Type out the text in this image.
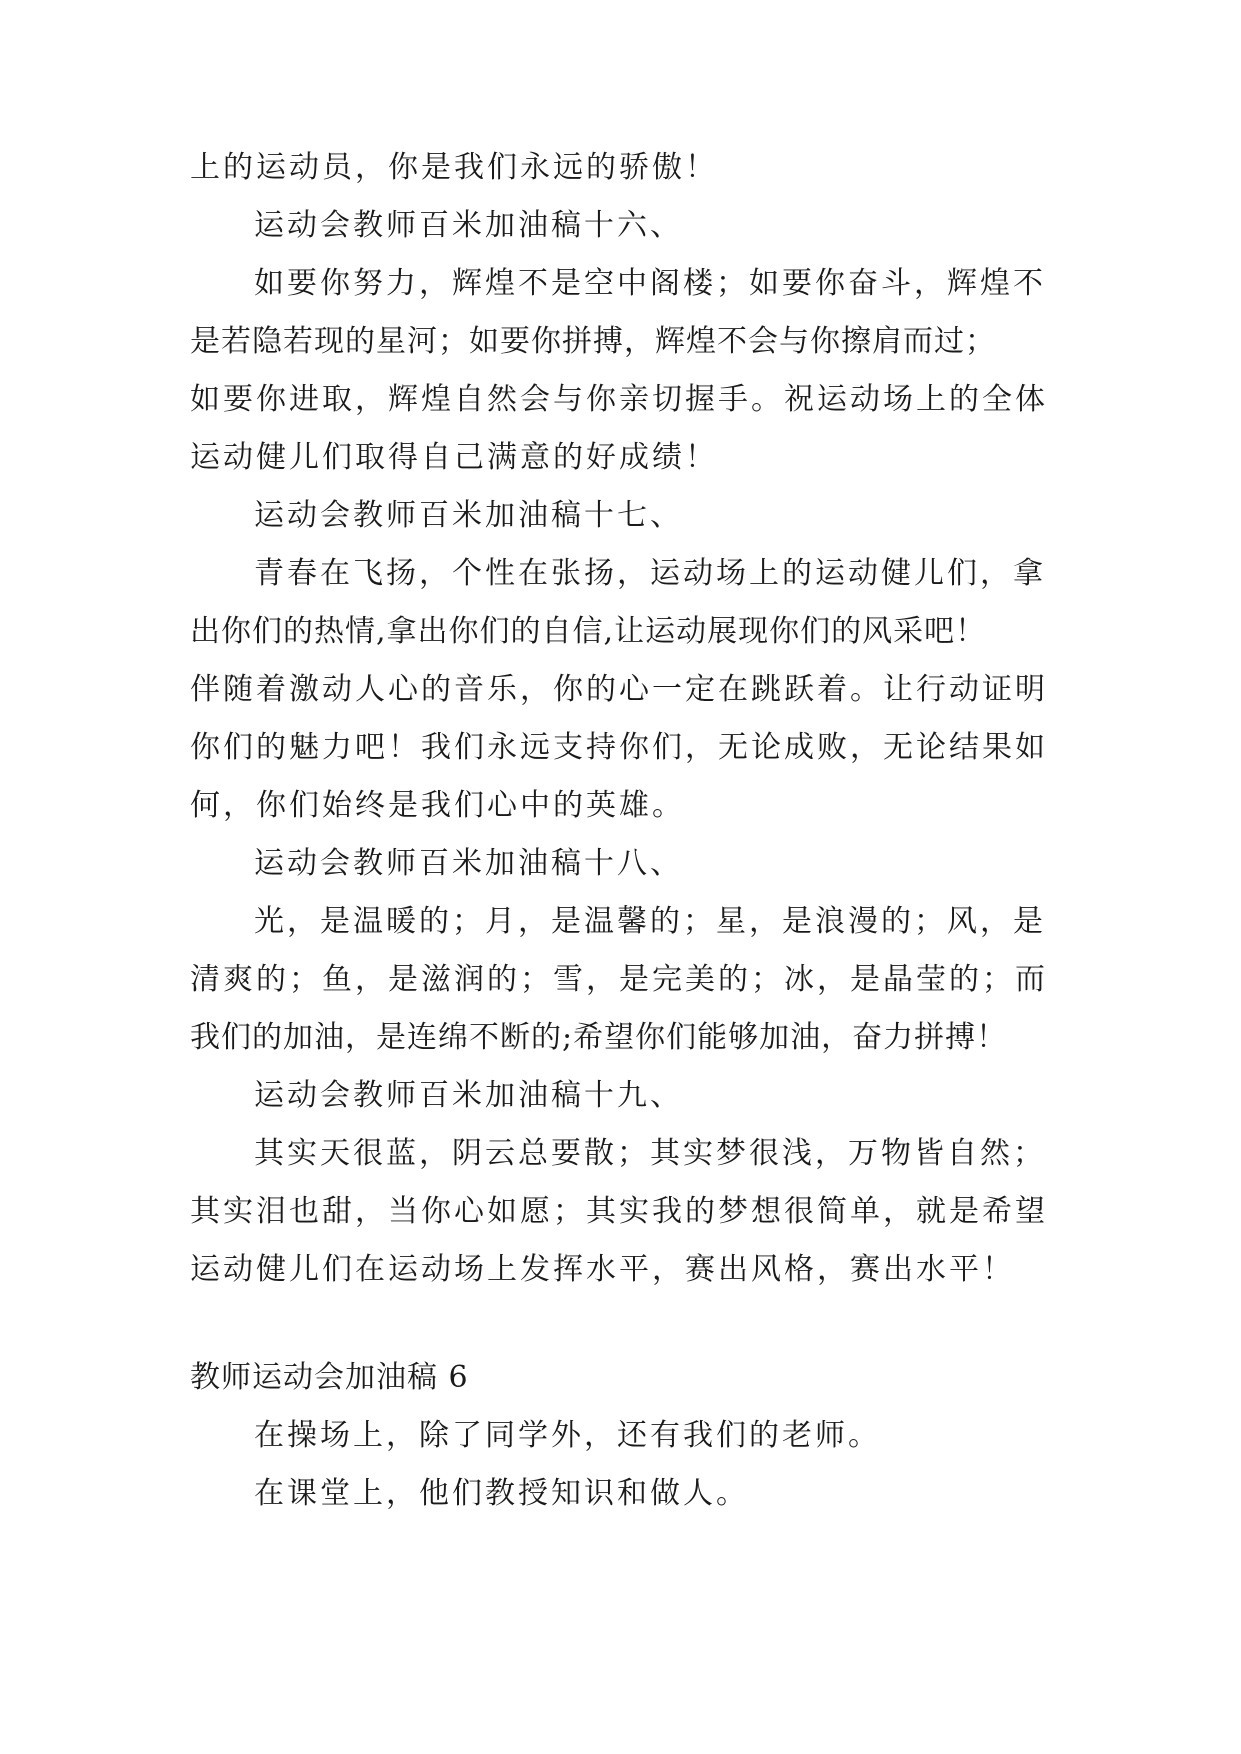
上的运动员，你是我们永远的骄傲！
运动会教师百米加油稿十六、
如要你努力，辉煌不是空中阁楼；如要你奋斗，辉煌不
是若隐若现的星河；如要你拼搏，辉煌不会与你擦肩而过；
如要你进取，辉煌自然会与你亲切握手。祝运动场上的全体
运动健儿们取得自己满意的好成绩！
运动会教师百米加油稿十七、
青春在飞扬，个性在张扬，运动场上的运动健儿们，拿
出你们的热情,拿出你们的自信,让运动展现你们的风采吧！
伴随着激动人心的音乐，你的心一定在跳跃着。让行动证明
你们的魅力吧！我们永远支持你们，无论成败，无论结果如
何，你们始终是我们心中的英雄。
运动会教师百米加油稿十八、
光，是温暖的；月，是温馨的；星，是浪漫的；风，是
清爽的；鱼，是滋润的；雪，是完美的；冰，是晶莹的；而
我们的加油，是连绵不断的;希望你们能够加油，奋力拼搏！
运动会教师百米加油稿十九、
其实天很蓝，阴云总要散；其实梦很浅，万物皆自然；
其实泪也甜，当你心如愿；其实我的梦想很简单，就是希望
运动健儿们在运动场上发挥水平，赛出风格，赛出水平！
教师运动会加油稿 6
在操场上，除了同学外，还有我们的老师。
在课堂上，他们教授知识和做人。
